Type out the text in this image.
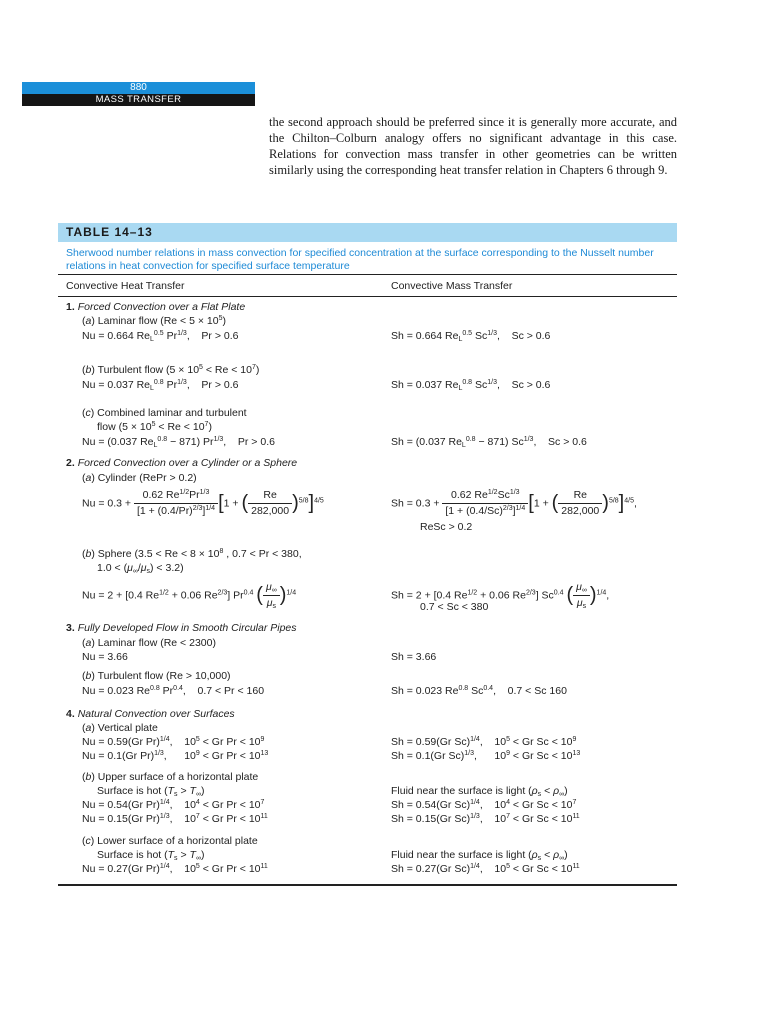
880
MASS TRANSFER
the second approach should be preferred since it is generally more accurate, and the Chilton–Colburn analogy offers no significant advantage in this case. Relations for convection mass transfer in other geometries can be written similarly using the corresponding heat transfer relation in Chapters 6 through 9.
TABLE 14–13
Sherwood number relations in mass convection for specified concentration at the surface corresponding to the Nusselt number relations in heat convection for specified surface temperature
Convective Heat Transfer	Convective Mass Transfer
1. Forced Convection over a Flat Plate
(a) Laminar flow $(Re < 5 \times 10^5)$
Nu = 0.664 $Re_L^{0.5}$ $Pr^{1/3}$,    Pr > 0.6	Sh = 0.664 $Re_L^{0.5}$ $Sc^{1/3}$,    Sc > 0.6
(b) Turbulent flow $(5 \times 10^5 < Re < 10^7)$
Nu = 0.037 $Re_L^{0.8}$ $Pr^{1/3}$,    Pr > 0.6	Sh = 0.037 $Re_L^{0.8}$ $Sc^{1/3}$,    Sc > 0.6
(c) Combined laminar and turbulent
flow $(5 \times 10^5 < Re < 10^7)$
Nu = (0.037 $Re_L^{0.8} - 871$) $Pr^{1/3}$,    Pr > 0.6	Sh = (0.037 $Re_L^{0.8} - 871$) $Sc^{1/3}$,    Sc > 0.6
2. Forced Convection over a Cylinder or a Sphere
(a) Cylinder (RePr > 0.2)
$Nu = 0.3 + \frac{0.62 Re^{1/2}Pr^{1/3}}{[1 + (0.4/Pr)^{2/3}]^{1/4}} [1$ + ( $\frac{Re}{282,000} )^{5/8}]^{4/5}$	$Sh = 0.3 + \frac{0.62 Re^{1/2}Sc^{1/3}}{[1 + (0.4/Sc)^{2/3}]^{1/4}} [1$ + ( $\frac{Re}{282,000} )^{5/8}]^{4/5}$,
ReSc > 0.2
(b) Sphere ($3.5 < Re < 8 \times 10^8$ , 0.7 < Pr < 380,
$1.0 < (\mu_\infty/\mu_s) < 3.2$)
Nu = 2 + [0.4 $Re^{1/2} + 0.06$ $Re^{2/3}$] $Pr^{0.4}$ ( $\frac{\mu_\infty}{\mu_s} )^{1/4}$	Sh = 2 + [0.4 $Re^{1/2} + 0.06$ $Re^{2/3}$] $Sc^{0.4}$ ( $\frac{\mu_\infty}{\mu_s} )^{1/4}$,
0.7 < Sc < 380
3. Fully Developed Flow in Smooth Circular Pipes
(a) Laminar flow (Re < 2300)
Nu = 3.66	Sh = 3.66
(b) Turbulent flow (Re > 10,000)
Nu = 0.023 $Re^{0.8}$ $Pr^{0.4}$,    0.7 < Pr < 160	Sh = 0.023 $Re^{0.8}$ $Sc^{0.4}$,    0.7 < Sc 160
4. Natural Convection over Surfaces
(a) Vertical plate
Nu = 0.59(Gr Pr)$^{1/4}$,    $10^5 < Gr$ $Pr < 10^9$	Sh = 0.59(Gr Sc)$^{1/4}$,    $10^5 < Gr$ $Sc < 10^9$
Nu = 0.1(Gr Pr)$^{1/3}$,      $10^9 < Gr$ $Pr < 10^{13}$	Sh = 0.1(Gr Sc)$^{1/3}$,      $10^9 < Gr$ $Sc < 10^{13}$
(b) Upper surface of a horizontal plate
Surface is hot $(T_s > T_\infty)$	Fluid near the surface is light $(\rho_s < \rho_\infty)$
Nu = 0.54(Gr Pr)$^{1/4}$,    $10^4 < Gr$ $Pr < 10^7$	Sh = 0.54(Gr Sc)$^{1/4}$,    $10^4 < Gr$ $Sc < 10^7$
Nu = 0.15(Gr Pr)$^{1/3}$,    $10^7 < Gr$ $Pr < 10^{11}$	Sh = 0.15(Gr Sc)$^{1/3}$,    $10^7 < Gr$ $Sc < 10^{11}$
(c) Lower surface of a horizontal plate
Surface is hot $(T_s > T_\infty)$	Fluid near the surface is light $(\rho_s < \rho_\infty)$
Nu = 0.27(Gr Pr)$^{1/4}$,    $10^5 < Gr$ $Pr < 10^{11}$	Sh = 0.27(Gr Sc)$^{1/4}$,    $10^5 < Gr$ $Sc < 10^{11}$
